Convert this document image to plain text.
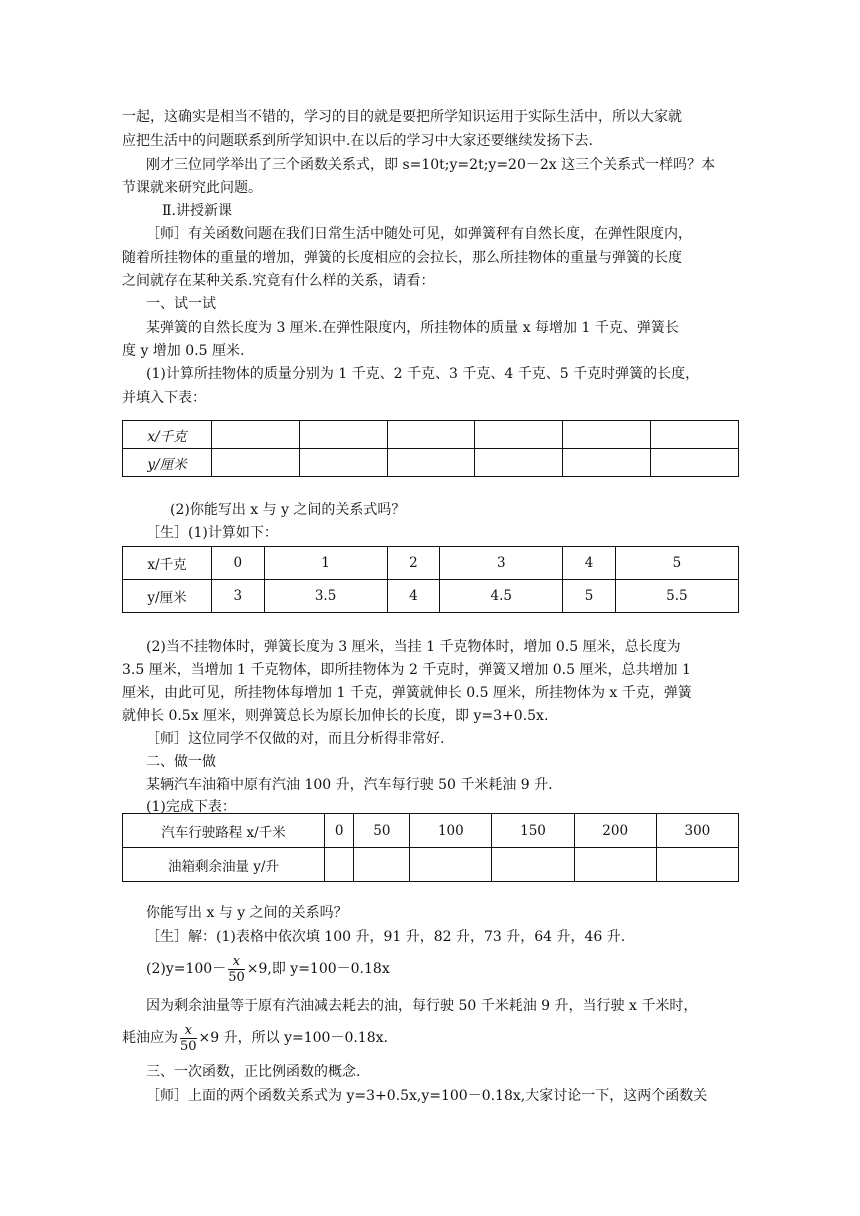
一起，这确实是相当不错的，学习的目的就是要把所学知识运用于实际生活中，所以大家就
应把生活中的问题联系到所学知识中.在以后的学习中大家还要继续发扬下去.
刚才三位同学举出了三个函数关系式，即 s=10t;y=2t;y=20－2x 这三个关系式一样吗？本
节课就来研究此问题。
Ⅱ.讲授新课
［师］有关函数问题在我们日常生活中随处可见，如弹簧秤有自然长度，在弹性限度内，
随着所挂物体的重量的增加，弹簧的长度相应的会拉长，那么所挂物体的重量与弹簧的长度
之间就存在某种关系.究竟有什么样的关系，请看：
一、试一试
某弹簧的自然长度为 3 厘米.在弹性限度内，所挂物体的质量 x 每增加 1 千克、弹簧长
度 y 增加 0.5 厘米.
(1)计算所挂物体的质量分别为 1 千克、2 千克、3 千克、4 千克、5 千克时弹簧的长度，
并填入下表：
x/千克						
y/厘米						
(2)你能写出 x 与 y 之间的关系式吗？
［生］(1)计算如下：
x/千克	0	1	2	3	4	5
y/厘米	3	3.5	4	4.5	5	5.5
(2)当不挂物体时，弹簧长度为 3 厘米，当挂 1 千克物体时，增加 0.5 厘米，总长度为
3.5 厘米，当增加 1 千克物体，即所挂物体为 2 千克时，弹簧又增加 0.5 厘米，总共增加 1
厘米，由此可见，所挂物体每增加 1 千克，弹簧就伸长 0.5 厘米，所挂物体为 x 千克，弹簧
就伸长 0.5x 厘米，则弹簧总长为原长加伸长的长度，即 y=3+0.5x.
［师］这位同学不仅做的对，而且分析得非常好.
二、做一做
某辆汽车油箱中原有汽油 100 升，汽车每行驶 50 千米耗油 9 升.
(1)完成下表：
汽车行驶路程 x/千米	0	50	100	150	200	300
油箱剩余油量 y/升						
你能写出 x 与 y 之间的关系吗？
［生］解：(1)表格中依次填 100 升，91 升，82 升，73 升，64 升，46 升.
$(2)y=100- \frac{x}{50} \times 9$,即 y=100－0.18x
因为剩余油量等于原有汽油减去耗去的油，每行驶 50 千米耗油 9 升，当行驶 x 千米时，
耗油应为 $\frac{x}{50} \times 9$ 升，所以 y=100－0.18x.
三、一次函数，正比例函数的概念.
［师］上面的两个函数关系式为 y=3+0.5x,y=100－0.18x,大家讨论一下，这两个函数关
